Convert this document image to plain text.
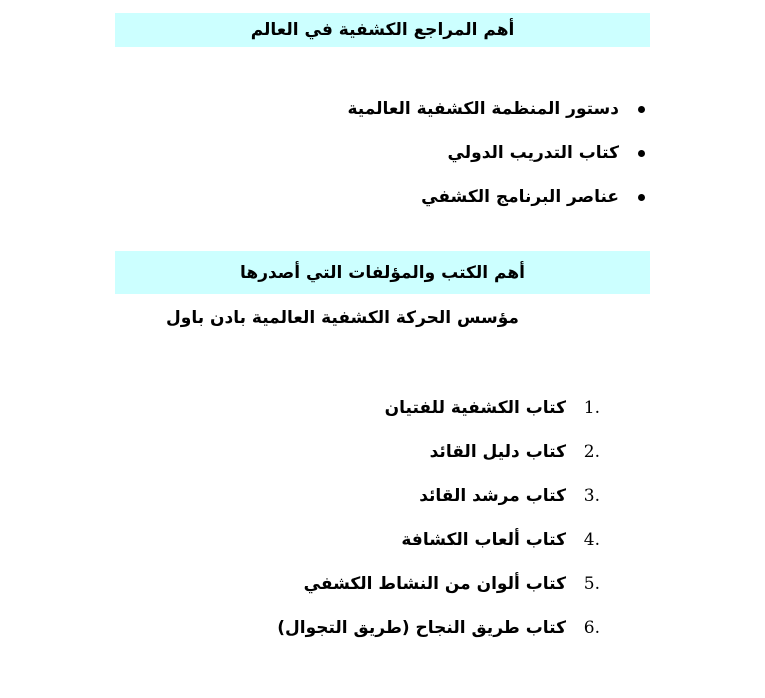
أهم المراجع الكشفية في العالم
دستور المنظمة الكشفية العالمية
كتاب التدريب الدولي
عناصر البرنامج الكشفي
أهم الكتب والمؤلفات التي أصدرها
مؤسس الحركة الكشفية العالمية بادن باول
1.
كتاب الكشفية للفتيان
2.
كتاب دليل القائد
3.
كتاب مرشد القائد
4.
كتاب ألعاب الكشافة
5.
كتاب ألوان من النشاط الكشفي
6.
كتاب طريق النجاح (طريق التجوال)
